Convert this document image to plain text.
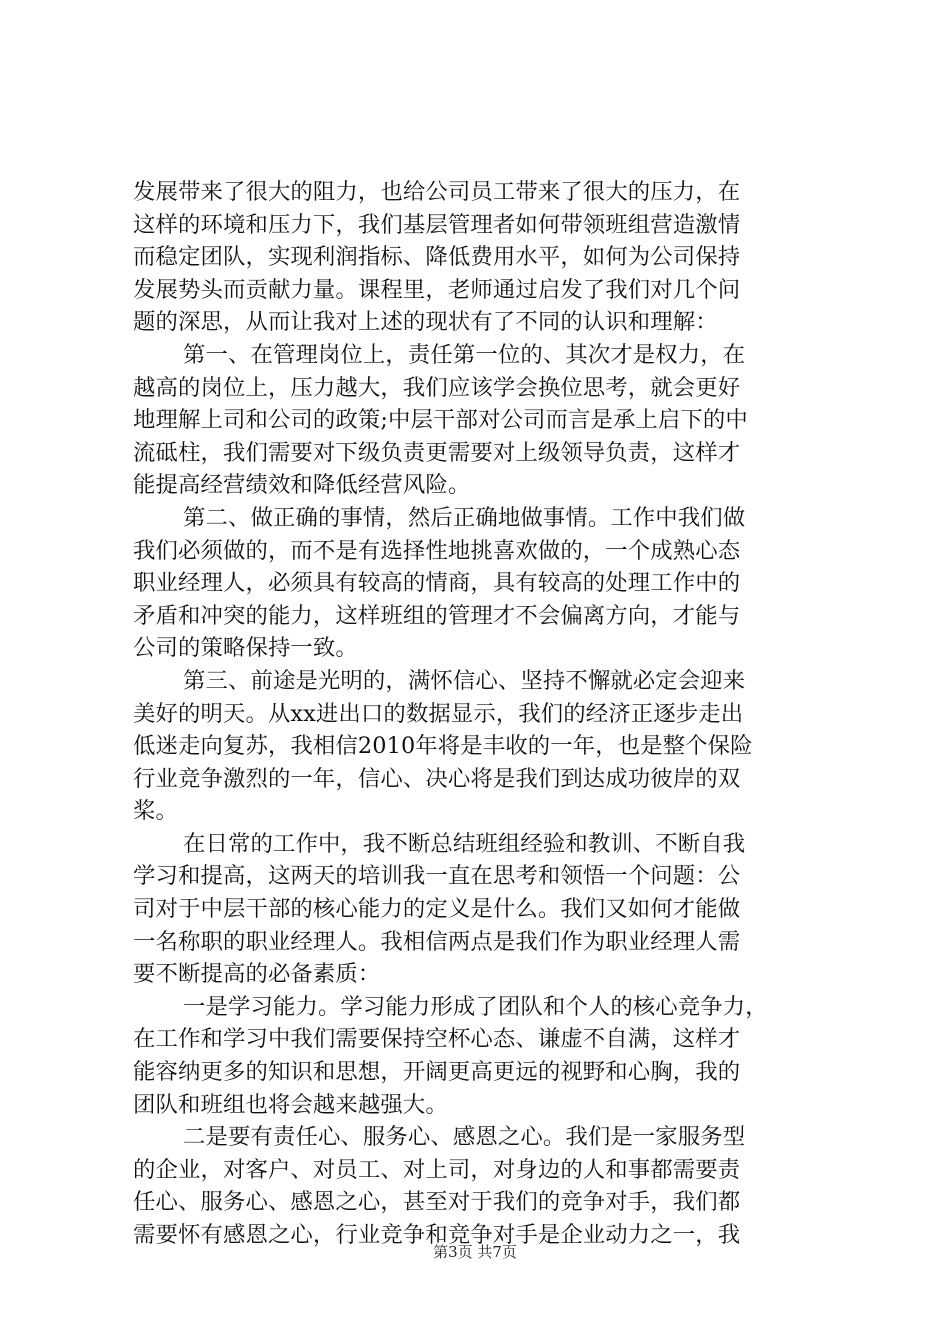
发展带来了很大的阻力，也给公司员工带来了很大的压力，在
这样的环境和压力下，我们基层管理者如何带领班组营造激情
而稳定团队，实现利润指标、降低费用水平，如何为公司保持
发展势头而贡献力量。课程里，老师通过启发了我们对几个问
题的深思，从而让我对上述的现状有了不同的认识和理解：
第一、在管理岗位上，责任第一位的、其次才是权力，在
越高的岗位上，压力越大，我们应该学会换位思考，就会更好
地理解上司和公司的政策;中层干部对公司而言是承上启下的中
流砥柱，我们需要对下级负责更需要对上级领导负责，这样才
能提高经营绩效和降低经营风险。
第二、做正确的事情，然后正确地做事情。工作中我们做
我们必须做的，而不是有选择性地挑喜欢做的，一个成熟心态
职业经理人，必须具有较高的情商，具有较高的处理工作中的
矛盾和冲突的能力，这样班组的管理才不会偏离方向，才能与
公司的策略保持一致。
第三、前途是光明的，满怀信心、坚持不懈就必定会迎来
美好的明天。从xx进出口的数据显示，我们的经济正逐步走出
低迷走向复苏，我相信2010年将是丰收的一年，也是整个保险
行业竞争激烈的一年，信心、决心将是我们到达成功彼岸的双
桨。
在日常的工作中，我不断总结班组经验和教训、不断自我
学习和提高，这两天的培训我一直在思考和领悟一个问题：公
司对于中层干部的核心能力的定义是什么。我们又如何才能做
一名称职的职业经理人。我相信两点是我们作为职业经理人需
要不断提高的必备素质：
一是学习能力。学习能力形成了团队和个人的核心竞争力，
在工作和学习中我们需要保持空杯心态、谦虚不自满，这样才
能容纳更多的知识和思想，开阔更高更远的视野和心胸，我的
团队和班组也将会越来越强大。
二是要有责任心、服务心、感恩之心。我们是一家服务型
的企业，对客户、对员工、对上司，对身边的人和事都需要责
任心、服务心、感恩之心，甚至对于我们的竞争对手，我们都
需要怀有感恩之心，行业竞争和竞争对手是企业动力之一，我
第3页 共7页
